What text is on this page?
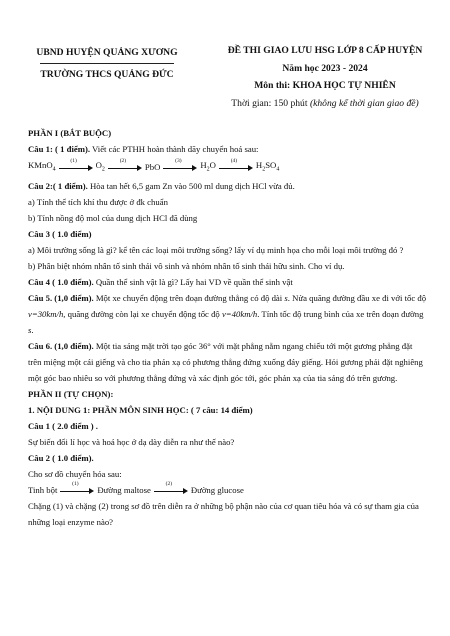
UBND HUYỆN QUẢNG XƯƠNG
TRƯỜNG THCS QUẢNG ĐỨC
ĐỀ THI GIAO LƯU HSG LỚP 8 CẤP HUYỆN
Năm học 2023 - 2024
Môn thi: KHOA HỌC TỰ NHIÊN
Thời gian: 150 phút (không kể thời gian giao đề)

PHẦN I (BẮT BUỘC)

Câu 1: ( 1 điểm). Viết các PTHH hoàn thành dãy chuyển hoá sau:

KMnO$_4$
(1)	$O_2$
(2)
PbO
(3)	$H_2O$	(4)	$H_2SO_4$

Câu 2:( 1 điểm). Hòa tan hết 6,5 gam Zn vào 500 ml dung dịch HCl vừa đủ.

a) Tính thể tích khí thu được ở đk chuẩn

b) Tính nồng độ mol của dung dịch HCl đã dùng

Câu 3 ( 1.0 điểm)

a) Môi trường sống là gì? kể tên các loại môi trường sống? lấy ví dụ minh họa cho mỗi loại môi trường đó ?

b) Phân biệt nhóm nhân tố sinh thái vô sinh và nhóm nhân tố sinh thái hữu sinh. Cho ví dụ.

Câu 4 ( 1.0 điểm). Quần thể sinh vật là gì? Lấy hai VD về quần thể sinh vật

Câu 5. (1,0 điểm). Một xe chuyển động trên đoạn đường thẳng có độ dài s. Nửa quãng đường đầu xe đi với tốc độ v=30km/h, quãng đường còn lại xe chuyển động tốc độ v=40km/h. Tính tốc độ trung bình của xe trên đoạn đường s.

Câu 6. (1,0 điểm). Một tia sáng mặt trời tạo góc 36° với mặt phẳng nằm ngang chiếu tới một gương phẳng đặt trên miệng một cái giếng và cho tia phản xạ có phương thẳng đứng xuống đáy giếng. Hỏi gương phải đặt nghiêng một góc bao nhiêu so với phương thẳng đứng và xác định góc tới, góc phản xạ của tia sáng đó trên gương.

PHẦN II (TỰ CHỌN):

1. NỘI DUNG 1: PHẦN MÔN SINH HỌC: ( 7 câu: 14 điểm)

Câu 1 ( 2.0 điểm ) .

Sự biến đổi lí học và hoá học ở dạ dày diễn ra như thế nào?

Câu 2 ( 1.0 điểm).

Cho sơ đồ chuyển hóa sau:

Tinh bột
(1)
Đường maltose
(2)
Đường glucose

Chặng (1) và chặng (2) trong sơ đồ trên diễn ra ở những bộ phận nào của cơ quan tiêu hóa và có sự tham gia của những loại enzyme nào?
